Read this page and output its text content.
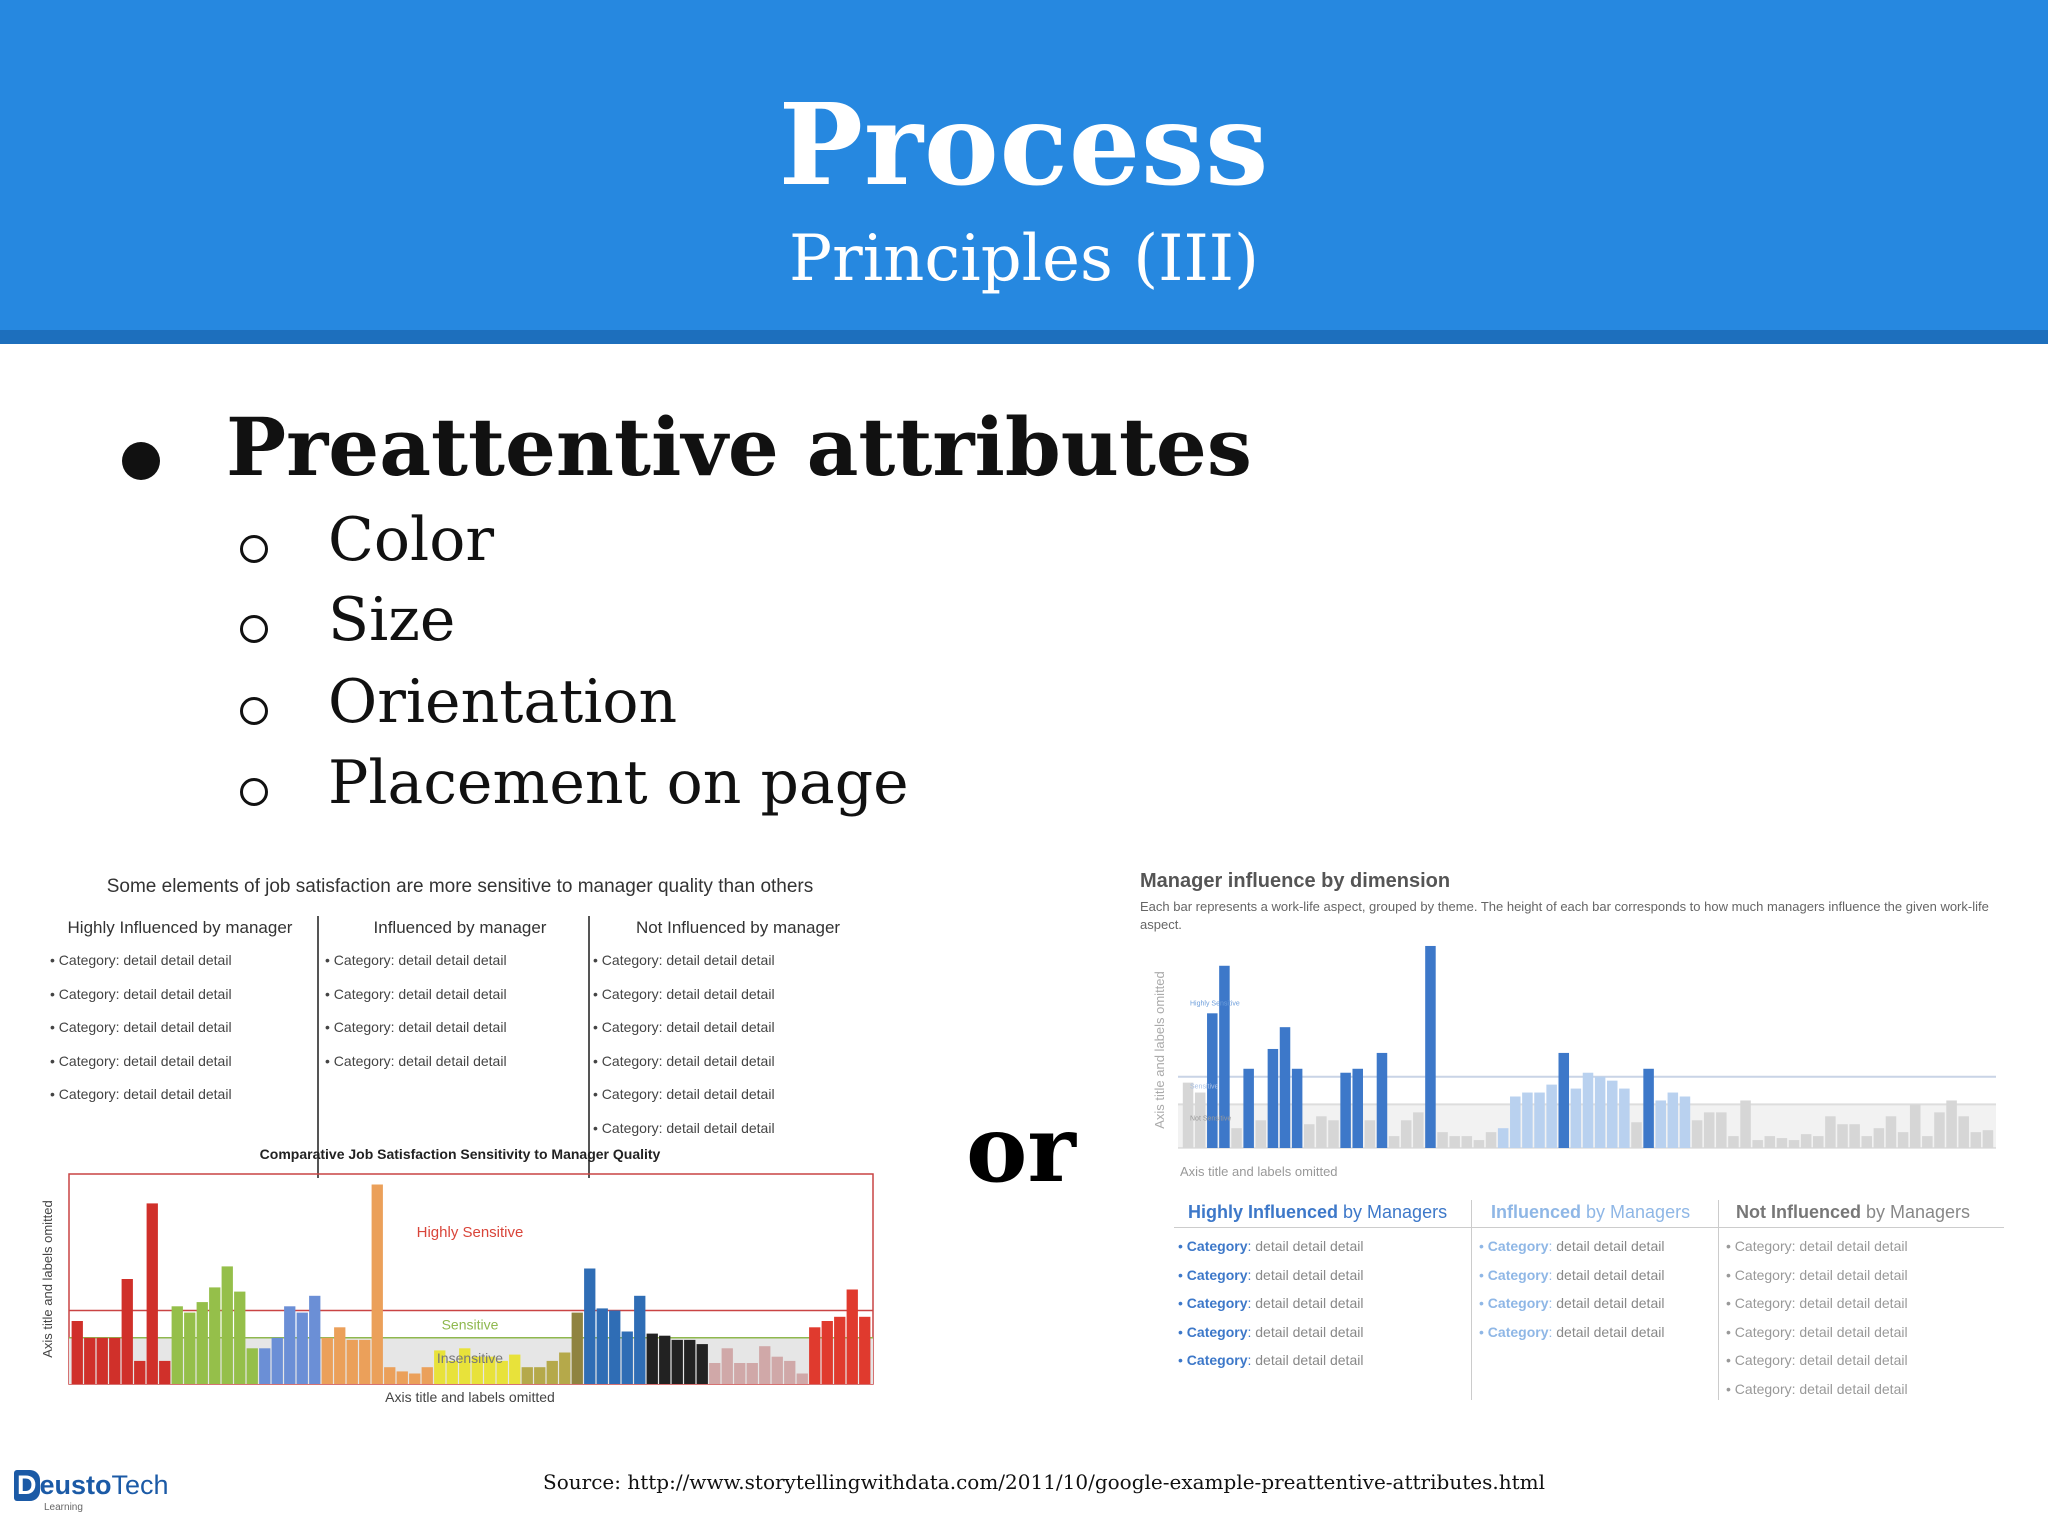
Process
Principles (III)
Preattentive attributes
Color
Size
Orientation
Placement on page
Some elements of job satisfaction are more sensitive to manager quality than others
Highly Influenced by manager
• Category: detail detail detail
• Category: detail detail detail
• Category: detail detail detail
• Category: detail detail detail
• Category: detail detail detail
Influenced by manager
• Category: detail detail detail
• Category: detail detail detail
• Category: detail detail detail
• Category: detail detail detail
Not Influenced by manager
• Category: detail detail detail
• Category: detail detail detail
• Category: detail detail detail
• Category: detail detail detail
• Category: detail detail detail
• Category: detail detail detail
Comparative Job Satisfaction Sensitivity to Manager Quality
Axis title and labels omitted
Axis title and labels omitted
Highly Sensitive
Sensitive
Insensitive
or
Manager influence by dimension
Each bar represents a work-life aspect, grouped by theme. The height of each bar corresponds to how much managers influence the given work-life aspect.
Axis title and labels omitted
Axis title and labels omitted
Highly Sensitive
Sensitive
Not Sensitive
Highly Influenced by Managers
• Category: detail detail detail
• Category: detail detail detail
• Category: detail detail detail
• Category: detail detail detail
• Category: detail detail detail
Influenced by Managers
• Category: detail detail detail
• Category: detail detail detail
• Category: detail detail detail
• Category: detail detail detail
Not Influenced by Managers
• Category: detail detail detail
• Category: detail detail detail
• Category: detail detail detail
• Category: detail detail detail
• Category: detail detail detail
• Category: detail detail detail
Source: http://www.storytellingwithdata.com/2011/10/google-example-preattentive-attributes.html
D eustoTech
Learning
